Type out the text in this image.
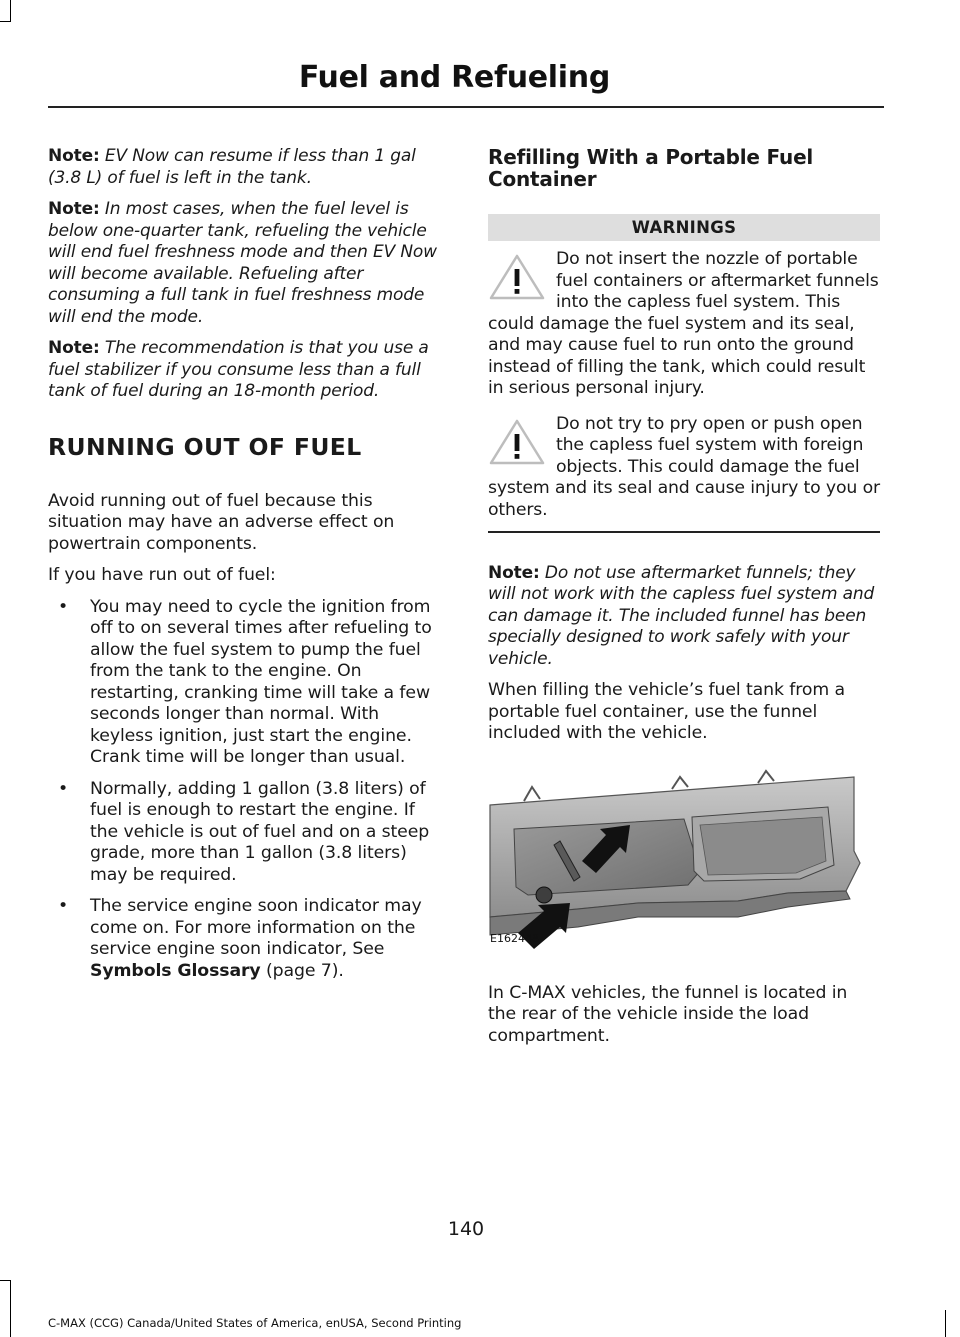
Fuel and Refueling

Note: EV Now can resume if less than 1 gal (3.8 L) of fuel is left in the tank.

Note: In most cases, when the fuel level is below one-quarter tank, refueling the vehicle will end fuel freshness mode and then EV Now will become available. Refueling after consuming a full tank in fuel freshness mode will end the mode.

Note: The recommendation is that you use a fuel stabilizer if you consume less than a full tank of fuel during an 18-month period.

RUNNING OUT OF FUEL

Avoid running out of fuel because this situation may have an adverse effect on powertrain components.

If you have run out of fuel:

• You may need to cycle the ignition from off to on several times after refueling to allow the fuel system to pump the fuel from the tank to the engine. On restarting, cranking time will take a few seconds longer than normal. With keyless ignition, just start the engine. Crank time will be longer than usual.
• Normally, adding 1 gallon (3.8 liters) of fuel is enough to restart the engine. If the vehicle is out of fuel and on a steep grade, more than 1 gallon (3.8 liters) may be required.
• The service engine soon indicator may come on. For more information on the service engine soon indicator, See Symbols Glossary (page 7).
Refilling With a Portable Fuel Container
WARNINGS
Do not insert the nozzle of portable fuel containers or aftermarket funnels into the capless fuel system. This could damage the fuel system and its seal, and may cause fuel to run onto the ground instead of filling the tank, which could result in serious personal injury.
Do not try to pry open or push open the capless fuel system with foreign objects. This could damage the fuel system and its seal and cause injury to you or others.

Note: Do not use aftermarket funnels; they will not work with the capless fuel system and can damage it. The included funnel has been specially designed to work safely with your vehicle.

When filling the vehicle’s fuel tank from a portable fuel container, use the funnel included with the vehicle.

E162448

In C-MAX vehicles, the funnel is located in the rear of the vehicle inside the load compartment.

140
C-MAX (CCG) Canada/United States of America, enUSA, Second Printing
